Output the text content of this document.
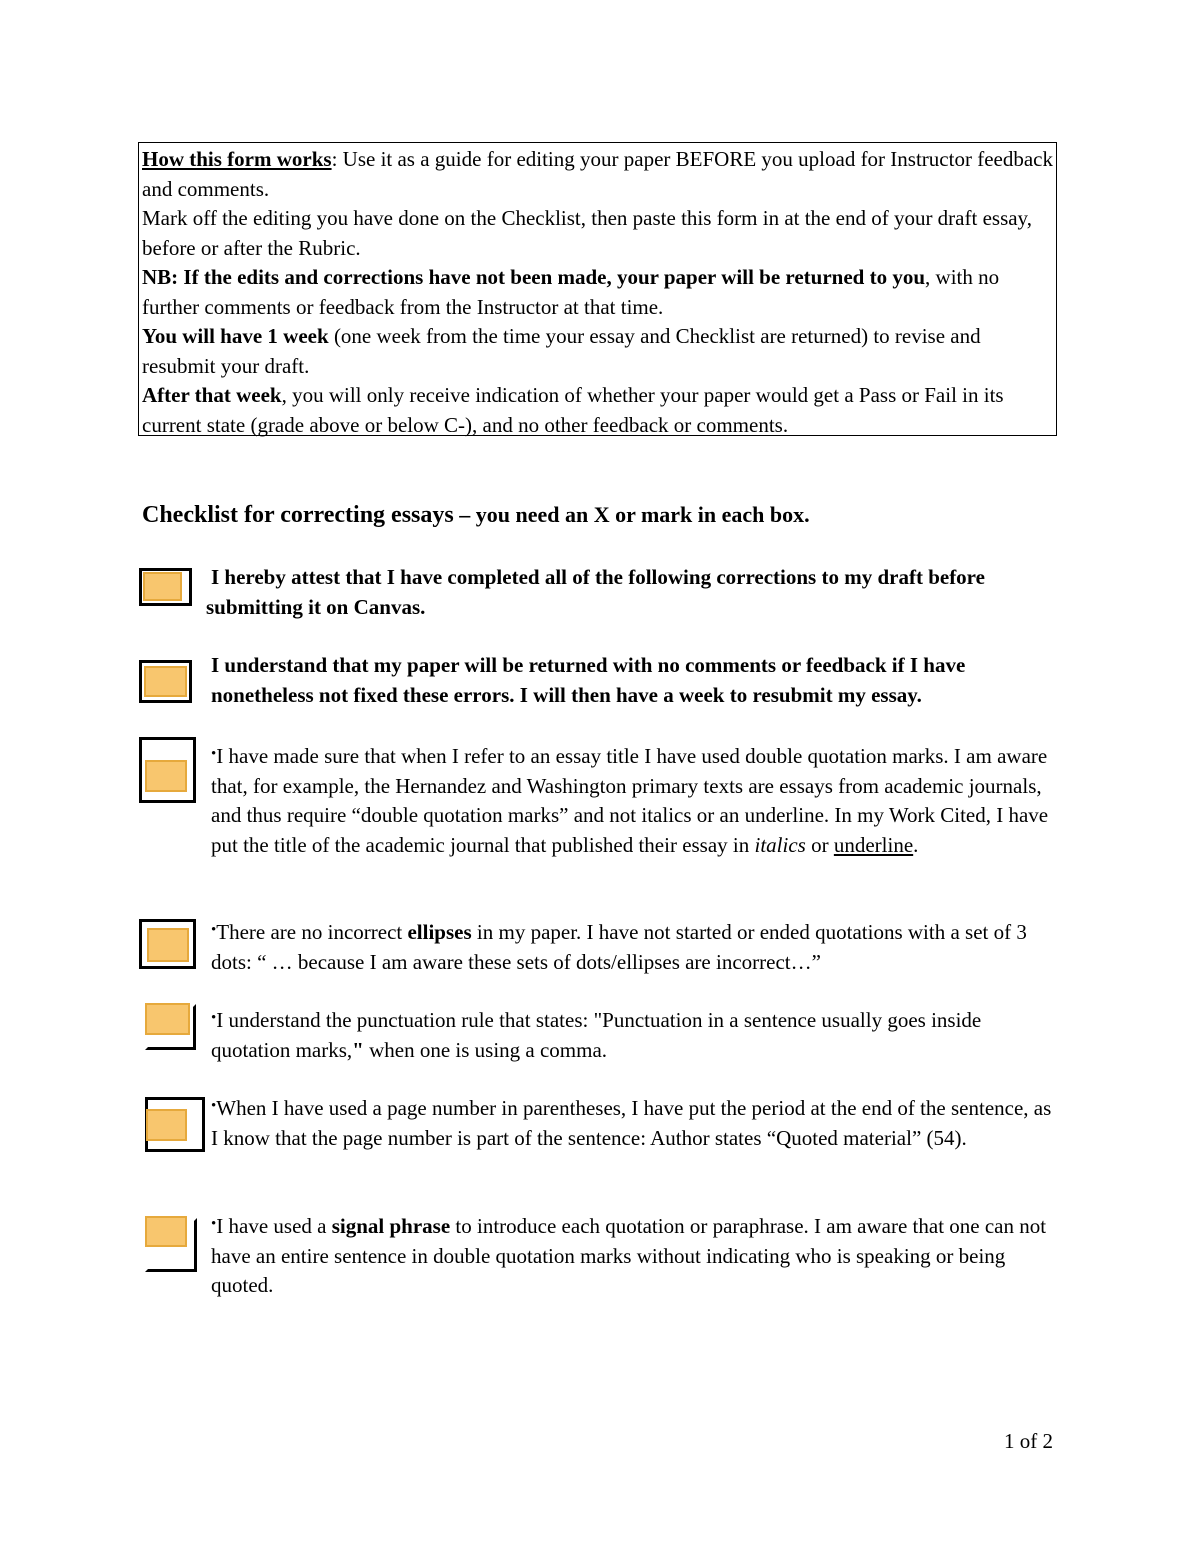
How this form works: Use it as a guide for editing your paper BEFORE you upload for Instructor feedback and comments.

Mark off the editing you have done on the Checklist, then paste this form in at the end of your draft essay, before or after the Rubric.

NB: If the edits and corrections have not been made, your paper will be returned to you, with no further comments or feedback from the Instructor at that time.

You will have 1 week (one week from the time your essay and Checklist are returned) to revise and resubmit your draft.

After that week, you will only receive indication of whether your paper would get a Pass or Fail in its current state (grade above or below C-), and no other feedback or comments.

Checklist for correcting essays – you need an X or mark in each box.
I hereby attest that I have completed all of the following corrections to my draft before submitting it on Canvas.
I understand that my paper will be returned with no comments or feedback if I have nonetheless not fixed these errors. I will then have a week to resubmit my essay.
•I have made sure that when I refer to an essay title I have used double quotation marks. I am aware that, for example, the Hernandez and Washington primary texts are essays from academic journals, and thus require “double quotation marks” and not italics or an underline. In my Work Cited, I have put the title of the academic journal that published their essay in italics or underline.
•There are no incorrect ellipses in my paper. I have not started or ended quotations with a set of 3 dots: “ … because I am aware these sets of dots/ellipses are incorrect…”
•I understand the punctuation rule that states: "Punctuation in a sentence usually goes inside quotation marks," when one is using a comma.
•When I have used a page number in parentheses, I have put the period at the end of the sentence, as I know that the page number is part of the sentence: Author states “Quoted material” (54).
•I have used a signal phrase to introduce each quotation or paraphrase. I am aware that one can not have an entire sentence in double quotation marks without indicating who is speaking or being quoted.
1 of 2
